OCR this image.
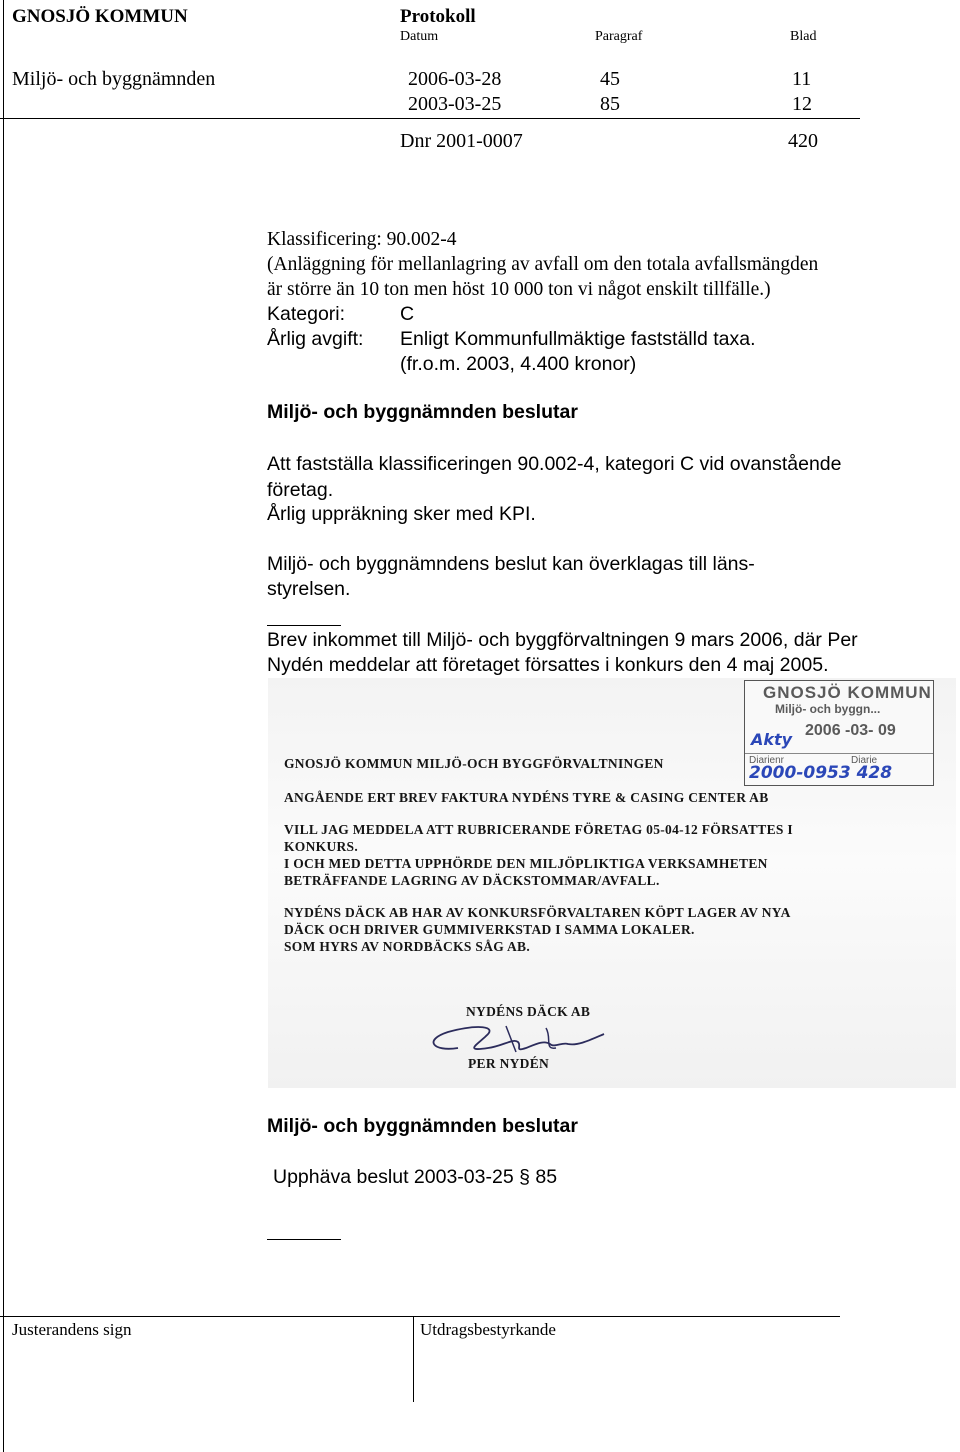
GNOSJÖ KOMMUN	Protokoll
Datum	Paragraf	Blad
Miljö- och byggnämnden	2006-03-28	45	11
2003-03-25	85	12
Dnr 2001-0007	420
Klassificering: 90.002-4
(Anläggning för mellanlagring av avfall om den totala avfallsmängden
är större än 10 ton men höst 10 000 ton vi något enskilt tillfälle.)
Kategori:	C
Årlig avgift: Enligt Kommunfullmäktige fastställd taxa.
(fr.o.m. 2003, 4.400 kronor)
Miljö- och byggnämnden beslutar
Att fastställa klassificeringen 90.002-4, kategori C vid ovanstående
företag.
Årlig uppräkning sker med KPI.
Miljö- och byggnämndens beslut kan överklagas till läns-
styrelsen.
Brev inkommet till Miljö- och byggförvaltningen 9 mars 2006, där Per
Nydén meddelar att företaget försattes i konkurs den 4 maj 2005.
GNOSJÖ KOMMUN
Miljö- och byggn...
2006 -03- 09
Diarienr	Diarie
Akty
2000-0953 428
GNOSJÖ KOMMUN MILJÖ-OCH BYGGFÖRVALTNINGEN
ANGÅENDE ERT BREV FAKTURA NYDÉNS TYRE & CASING CENTER AB
VILL JAG MEDDELA ATT RUBRICERANDE FÖRETAG 05-04-12 FÖRSATTES I
KONKURS.
I OCH MED DETTA UPPHÖRDE DEN MILJÖPLIKTIGA VERKSAMHETEN
BETRÄFFANDE LAGRING AV DÄCKSTOMMAR/AVFALL.
NYDÉNS DÄCK AB HAR AV KONKURSFÖRVALTAREN KÖPT LAGER AV NYA
DÄCK OCH DRIVER GUMMIVERKSTAD I SAMMA LOKALER.
SOM HYRS AV NORDBÄCKS SÅG AB.
NYDÉNS DÄCK AB
PER NYDÉN
Miljö- och byggnämnden beslutar
Upphäva beslut 2003-03-25 § 85
Justerandens sign	Utdragsbestyrkande
